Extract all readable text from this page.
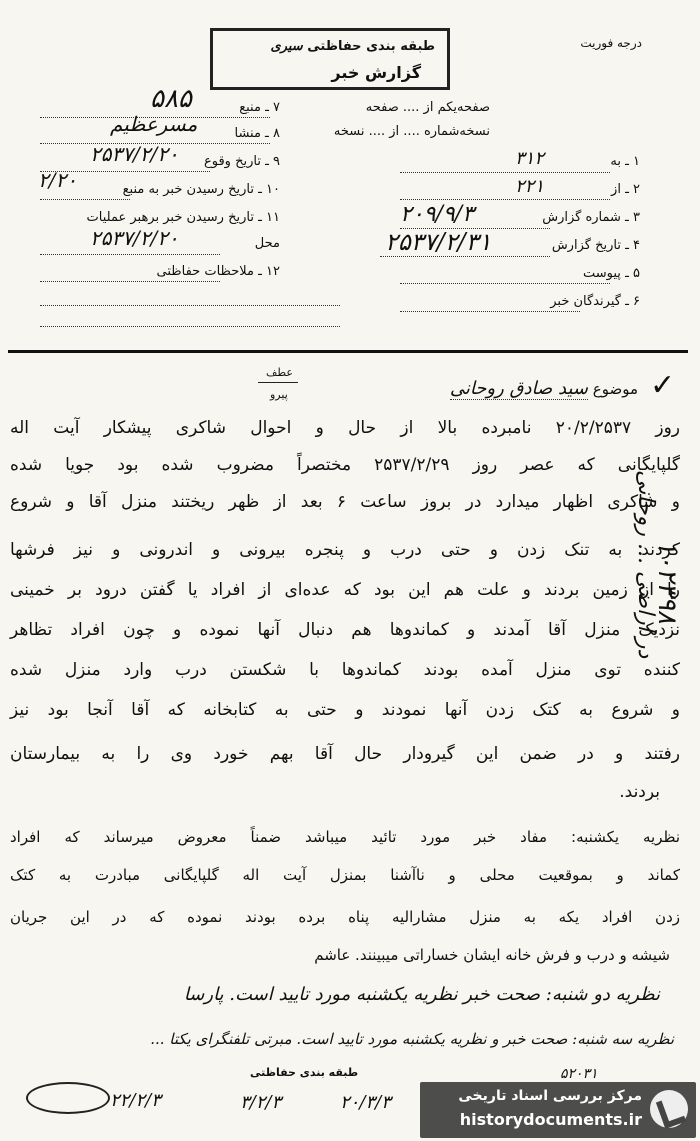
طبقه بندی حفاظتی سیری
گزارش خبر
درجه فوریت
صفحه‌یکم از .... صفحه
نسخه‌شماره .... از .... نسخه
۱ ـ به
۳۱۲
۲ ـ از
۲۲۱
۳ ـ شماره گزارش
۲۰۹/۹/۳
۴ ـ تاریخ گزارش
۲۵۳۷/۲/۳۱
۵ ـ پیوست
۶ ـ گیرندگان خبر
۷ ـ منبع
۵۸۵
۸ ـ منشا
مسرعظیم
۹ ـ تاریخ وقوع
۲۵۳۷/۲/۲۰
۱۰ ـ تاریخ رسیدن خبر به منبع
۲/۲۰
۱۱ ـ تاریخ رسیدن خبر برهبر عملیات
محل
۲۵۳۷/۲/۲۰
۱۲ ـ ملاحظات حفاظتی
عطف
پیرو	✓
موضوع سید صادق روحانی
روز ۲۰/۲/۲۵۳۷ نامبرده بالا از حال و احوال شاکری پیشکار آیت اله
گلپایگانی که عصر روز ۲۵۳۷/۲/۲۹ مختصراً مضروب شده بود جویا شده
و شاکری اظهار میدارد در بروز ساعت ۶ بعد از ظهر ریختند منزل آقا و شروع
کردند به تنک زدن و حتی درب و پنجره بیرونی و اندرونی و نیز فرشها
را از زمین بردند و علت هم این بود که عده‌ای از افراد یا گفتن درود بر خمینی
نزدیک منزل آقا آمدند و کماندوها هم دنبال آنها نموده و چون افراد تظاهر
کننده توی منزل آمده بودند کماندوها با شکستن درب وارد منزل شده
و شروع به کتک زدن آنها نمودند و حتی به کتابخانه که آقا آنجا بود نیز
رفتند و در ضمن این گیرودار حال آقا بهم خورد وی را به بیمارستان
بردند.
نظریه یکشنبه: مفاد خبر مورد تائید میباشد ضمناً معروض میرساند که افراد
کماند و بموقعیت محلی و ناآشنا بمنزل آیت اله گلپایگانی مبادرت به کتک
زدن افراد یکه به منزل مشارالیه پناه برده بودند نموده که در این جریان
شیشه و درب و فرش خانه ایشان خساراتی میبینند. عاشم
نظریه دو شنبه: صحت خبر نظریه یکشنبه مورد تایید است. پارسا
نظریه سه شنبه: صحت خبر و نظریه یکشنبه مورد تایید است. مبرتی تلفنگرای یکتا ...
طبقه بندی حفاظتی	۵۲۰۳۱
۲۲/۲/۳	۳/۲/۳	۲۰/۳/۳
در اراضی ... روحانی
۱۰۲۳۹۸
مرکز بررسی اسناد تاریخی
historydocuments.ir
